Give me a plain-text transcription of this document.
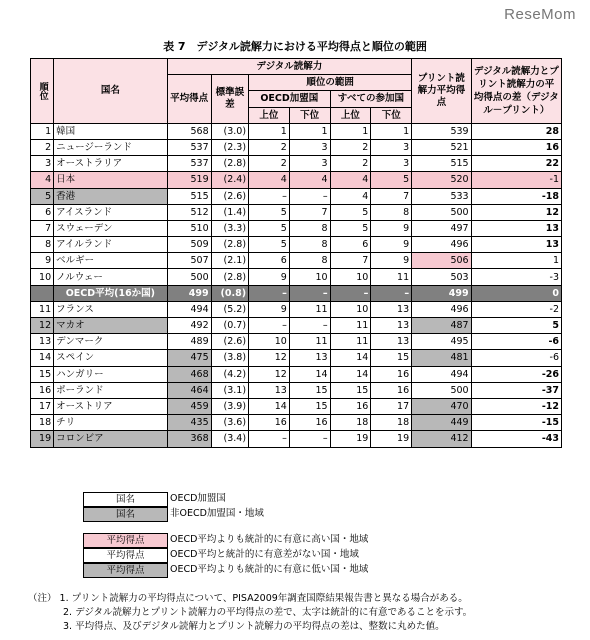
ReseMom
表 7　デジタル読解力における平均得点と順位の範囲
順位	国名	デジタル読解力						プリント読解力平均得点	デジタル読解力とプリント読解力の平均得点の差（デジタル－プリント）
		平均得点	標準誤差	順位の範囲					
				OECD加盟国		すべての参加国			
				上位	下位	上位	下位		
1	韓国	568	(3.0)	1	1	1	1	539	28
2	ニュージーランド	537	(2.3)	2	3	2	3	521	16
3	オーストラリア	537	(2.8)	2	3	2	3	515	22
4	日本	519	(2.4)	4	4	4	5	520	-1
5	香港	515	(2.6)	–	–	4	7	533	-18
6	アイスランド	512	(1.4)	5	7	5	8	500	12
7	スウェーデン	510	(3.3)	5	8	5	9	497	13
8	アイルランド	509	(2.8)	5	8	6	9	496	13
9	ベルギー	507	(2.1)	6	8	7	9	506	1
10	ノルウェー	500	(2.8)	9	10	10	11	503	-3
	OECD平均(16か国)	499	(0.8)	–	–	–	–	499	0
11	フランス	494	(5.2)	9	11	10	13	496	-2
12	マカオ	492	(0.7)	–	–	11	13	487	5
13	デンマーク	489	(2.6)	10	11	11	13	495	-6
14	スペイン	475	(3.8)	12	13	14	15	481	-6
15	ハンガリー	468	(4.2)	12	14	14	16	494	-26
16	ポーランド	464	(3.1)	13	15	15	16	500	-37
17	オーストリア	459	(3.9)	14	15	16	17	470	-12
18	チリ	435	(3.6)	16	16	18	18	449	-15
19	コロンビア	368	(3.4)	–	–	19	19	412	-43
国名	OECD加盟国
国名	非OECD加盟国・地域
平均得点	OECD平均よりも統計的に有意に高い国・地域
平均得点	OECD平均と統計的に有意差がない国・地域
平均得点	OECD平均よりも統計的に有意に低い国・地域
（注） 1. プリント読解力の平均得点について、PISA2009年調査国際結果報告書と異なる場合がある。
2. デジタル読解力とプリント読解力の平均得点の差で、太字は統計的に有意であることを示す。
3. 平均得点、及びデジタル読解力とプリント読解力の平均得点の差は、整数に丸めた値。
